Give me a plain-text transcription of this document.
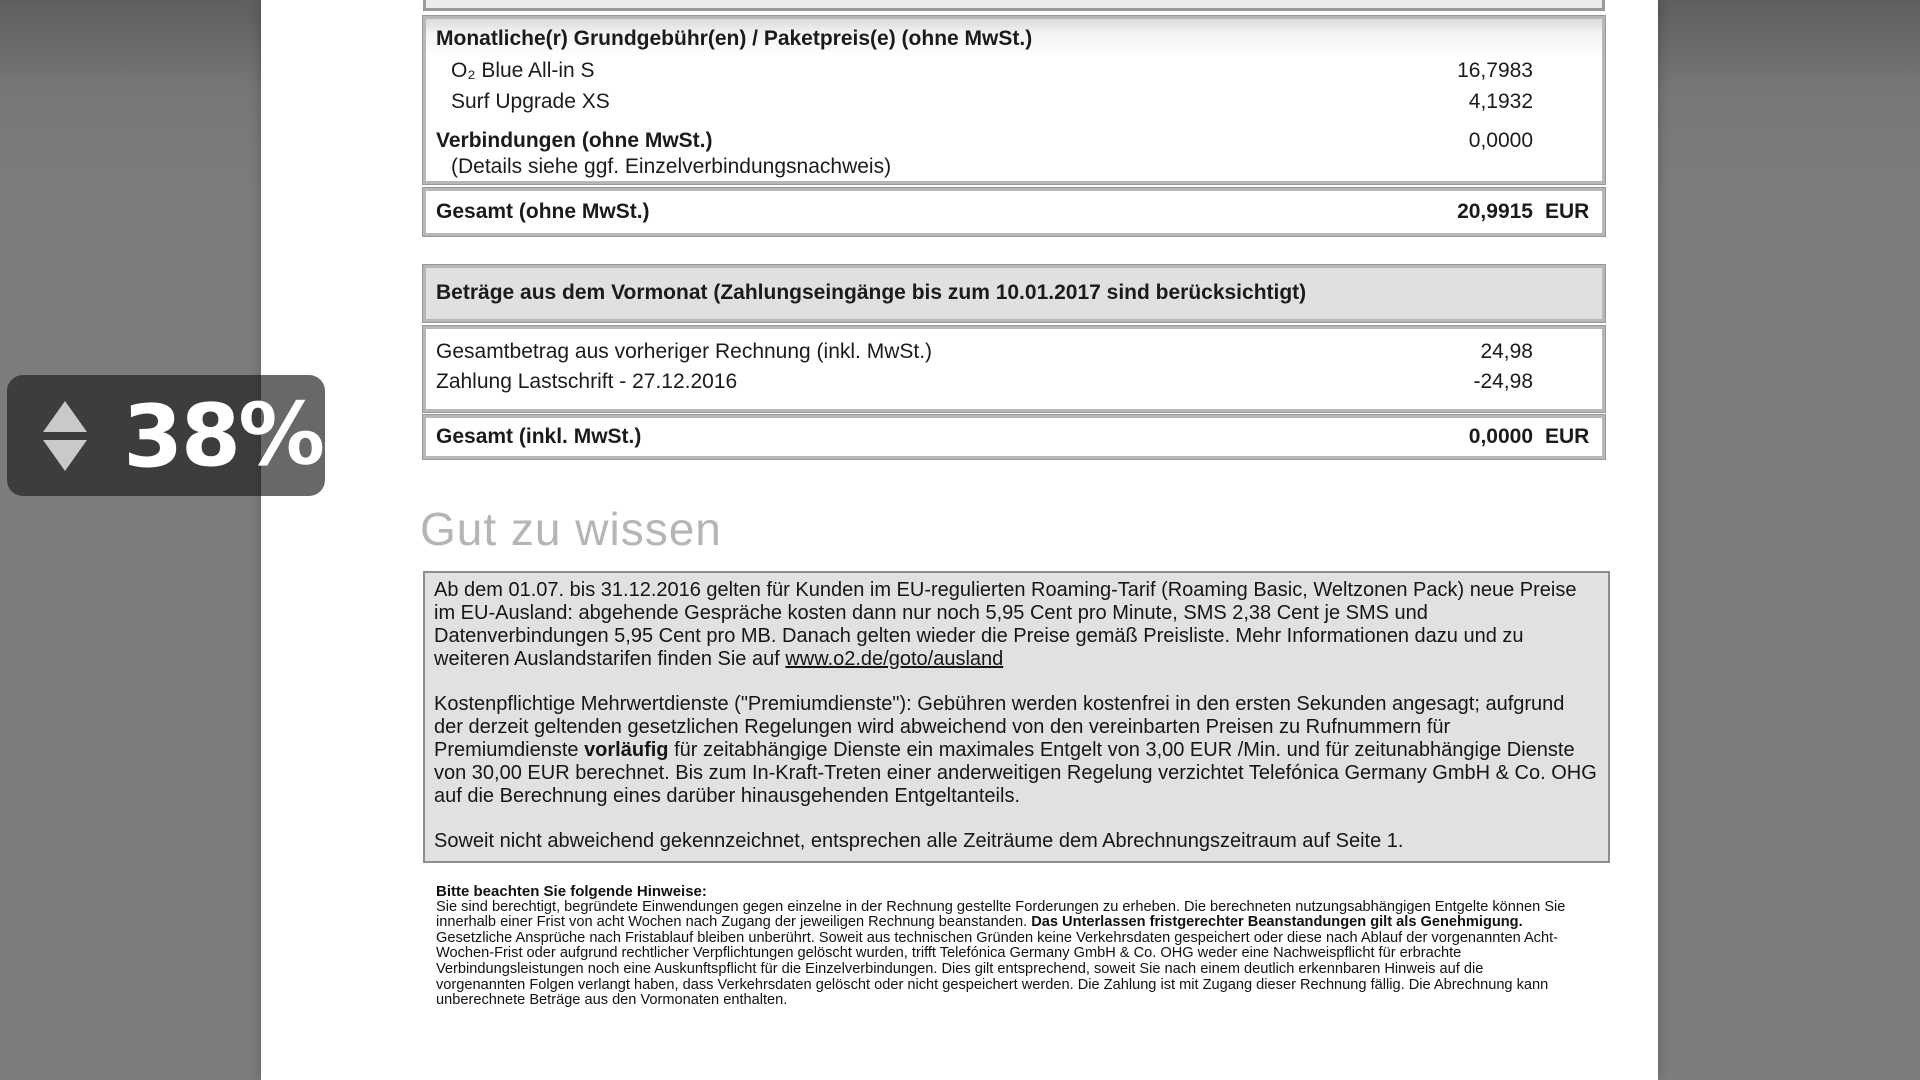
Monatliche(r) Grundgebühr(en) / Paketpreis(e) (ohne MwSt.)
O₂ Blue All-in S	16,7983
Surf Upgrade XS	4,1932
Verbindungen (ohne MwSt.)	0,0000
(Details siehe ggf. Einzelverbindungsnachweis)
Gesamt (ohne MwSt.)	20,9915 EUR
Beträge aus dem Vormonat (Zahlungseingänge bis zum 10.01.2017 sind berücksichtigt)
Gesamtbetrag aus vorheriger Rechnung (inkl. MwSt.)	24,98
Zahlung Lastschrift - 27.12.2016	-24,98
Gesamt (inkl. MwSt.)	0,0000 EUR
Gut zu wissen

Ab dem 01.07. bis 31.12.2016 gelten für Kunden im EU-regulierten Roaming-Tarif (Roaming Basic, Weltzonen Pack) neue Preise im EU-Ausland: abgehende Gespräche kosten dann nur noch 5,95 Cent pro Minute, SMS 2,38 Cent je SMS und Datenverbindungen 5,95 Cent pro MB. Danach gelten wieder die Preise gemäß Preisliste. Mehr Informationen dazu und zu weiteren Auslandstarifen finden Sie auf www.o2.de/goto/ausland

Kostenpflichtige Mehrwertdienste ("Premiumdienste"): Gebühren werden kostenfrei in den ersten Sekunden angesagt; aufgrund der derzeit geltenden gesetzlichen Regelungen wird abweichend von den vereinbarten Preisen zu Rufnummern für Premiumdienste vorläufig für zeitabhängige Dienste ein maximales Entgelt von 3,00 EUR /Min. und für zeitunabhängige Dienste von 30,00 EUR berechnet. Bis zum In-Kraft-Treten einer anderweitigen Regelung verzichtet Telefónica Germany GmbH & Co. OHG auf die Berechnung eines darüber hinausgehenden Entgeltanteils.

Soweit nicht abweichend gekennzeichnet, entsprechen alle Zeiträume dem Abrechnungszeitraum auf Seite 1.

Bitte beachten Sie folgende Hinweise:
Sie sind berechtigt, begründete Einwendungen gegen einzelne in der Rechnung gestellte Forderungen zu erheben. Die berechneten nutzungsabhängigen Entgelte können Sie innerhalb einer Frist von acht Wochen nach Zugang der jeweiligen Rechnung beanstanden. Das Unterlassen fristgerechter Beanstandungen gilt als Genehmigung. Gesetzliche Ansprüche nach Fristablauf bleiben unberührt. Soweit aus technischen Gründen keine Verkehrsdaten gespeichert oder diese nach Ablauf der vorgenannten Acht-Wochen-Frist oder aufgrund rechtlicher Verpflichtungen gelöscht wurden, trifft Telefónica Germany GmbH & Co. OHG weder eine Nachweispflicht für erbrachte Verbindungsleistungen noch eine Auskunftspflicht für die Einzelverbindungen. Dies gilt entsprechend, soweit Sie nach einem deutlich erkennbaren Hinweis auf die vorgenannten Folgen verlangt haben, dass Verkehrsdaten gelöscht oder nicht gespeichert werden. Die Zahlung ist mit Zugang dieser Rechnung fällig. Die Abrechnung kann unberechnete Beträge aus den Vormonaten enthalten.
38%
